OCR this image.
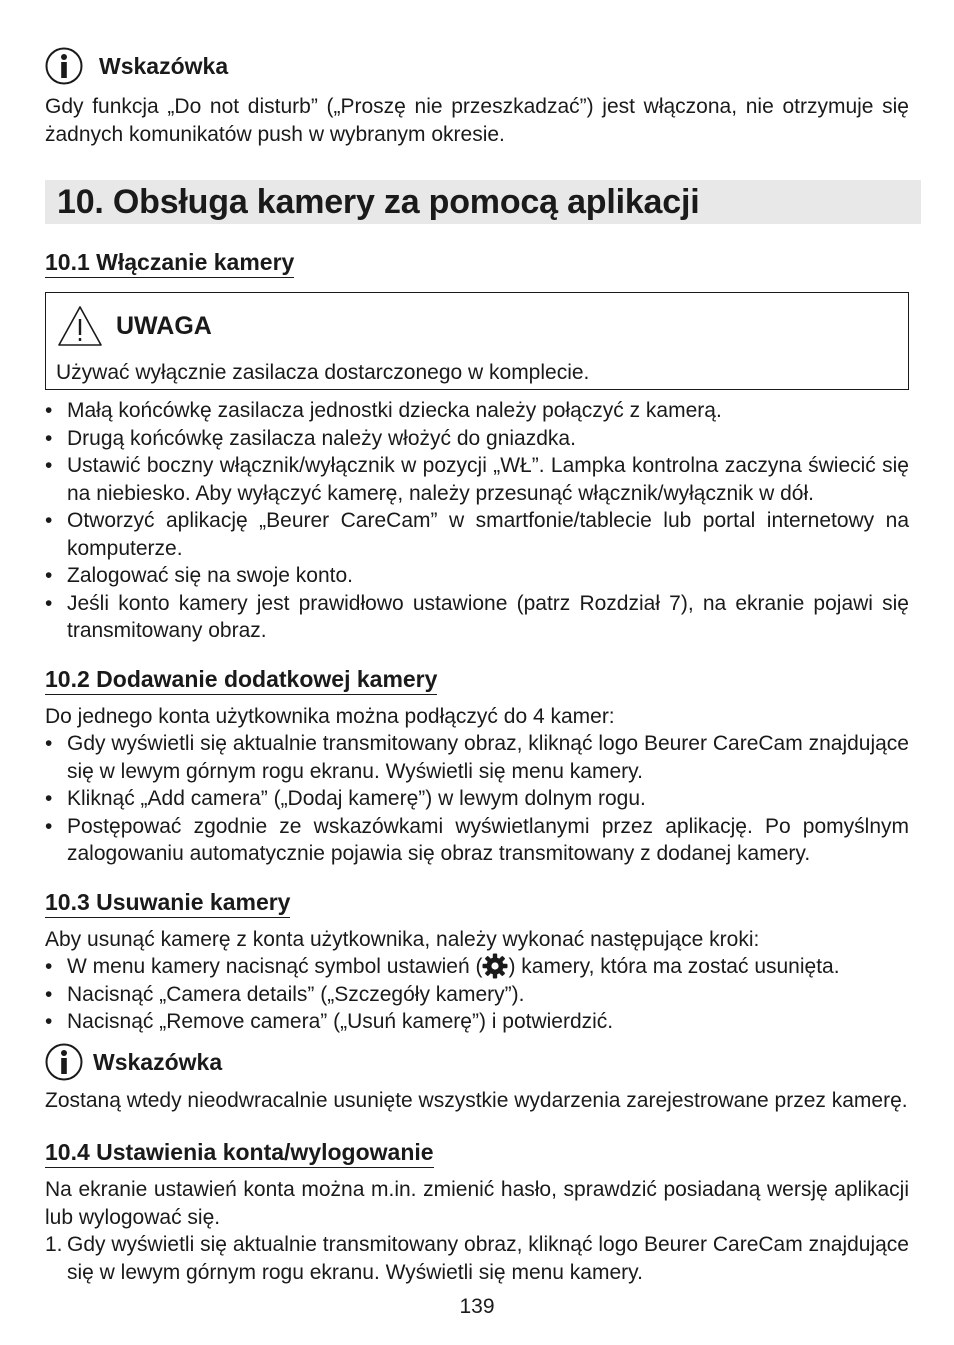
Wskazówka
Gdy funkcja „Do not disturb” („Proszę nie przeszkadzać”) jest włączona, nie otrzymuje się żadnych komunikatów push w wybranym okresie.
10. Obsługa kamery za pomocą aplikacji
10.1 Włączanie kamery
UWAGA
Używać wyłącznie zasilacza dostarczonego w komplecie.
• Małą końcówkę zasilacza jednostki dziecka należy połączyć z kamerą.
• Drugą końcówkę zasilacza należy włożyć do gniazdka.
• Ustawić boczny włącznik/wyłącznik w pozycji „WŁ”. Lampka kontrolna zaczyna świecić się na niebiesko. Aby wyłączyć kamerę, należy przesunąć włącznik/wyłącznik w dół.
• Otworzyć aplikację „Beurer CareCam” w smartfonie/tablecie lub portal internetowy na komputerze.
• Zalogować się na swoje konto.
• Jeśli konto kamery jest prawidłowo ustawione (patrz Rozdział 7), na ekranie pojawi się transmitowany obraz.
10.2 Dodawanie dodatkowej kamery
Do jednego konta użytkownika można podłączyć do 4 kamer:
• Gdy wyświetli się aktualnie transmitowany obraz, kliknąć logo Beurer CareCam znajdujące się w lewym górnym rogu ekranu. Wyświetli się menu kamery.
• Kliknąć „Add camera” („Dodaj kamerę”) w lewym dolnym rogu.
• Postępować zgodnie ze wskazówkami wyświetlanymi przez aplikację. Po pomyślnym zalogowaniu automatycznie pojawia się obraz transmitowany z dodanej kamery.
10.3 Usuwanie kamery
Aby usunąć kamerę z konta użytkownika, należy wykonać następujące kroki:
• W menu kamery nacisnąć symbol ustawień ( ) kamery, która ma zostać usunięta.
• Nacisnąć „Camera details” („Szczegóły kamery”).
• Nacisnąć „Remove camera” („Usuń kamerę”) i potwierdzić.
Wskazówka
Zostaną wtedy nieodwracalnie usunięte wszystkie wydarzenia zarejestrowane przez kamerę.
10.4 Ustawienia konta/wylogowanie
Na ekranie ustawień konta można m.in. zmienić hasło, sprawdzić posiadaną wersję aplikacji lub wylogować się.
1. Gdy wyświetli się aktualnie transmitowany obraz, kliknąć logo Beurer CareCam znajdujące się w lewym górnym rogu ekranu. Wyświetli się menu kamery.
139
